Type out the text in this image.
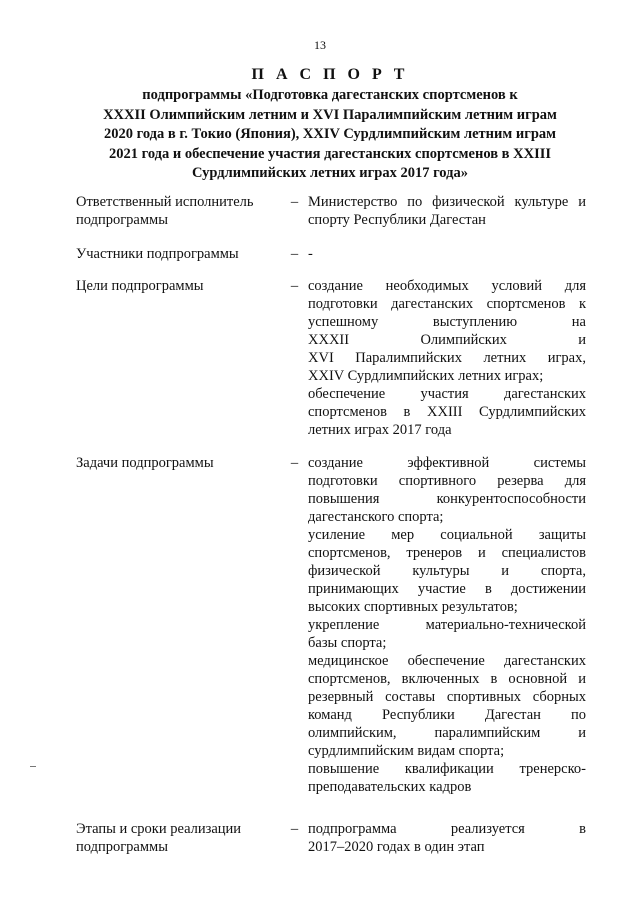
13
П А С П О Р Т
подпрограммы «Подготовка дагестанских спортсменов к
XXXII Олимпийским летним и XVI Паралимпийским летним играм
2020 года в г. Токио (Япония), XXIV Сурдлимпийским летним играм
2021 года и обеспечение участия дагестанских спортсменов в XXIII
Сурдлимпийских летних играх 2017 года»
Ответственный исполнитель
подпрограммы
– Министерство по физической культуре и
спорту Республики Дагестан
Участники подпрограммы	– -
Цели подпрограммы	– создание необходимых условий для
подготовки дагестанских спортсменов к
успешному выступлению на
XXXII Олимпийских и
XVI Паралимпийских летних играх,
XXIV Сурдлимпийских летних играх;
обеспечение участия дагестанских
спортсменов в XXIII Сурдлимпийских
летних играх 2017 года
Задачи подпрограммы	– создание эффективной системы
подготовки спортивного резерва для
повышения конкурентоспособности
дагестанского спорта;
усиление мер социальной защиты
спортсменов, тренеров и специалистов
физической культуры и спорта,
принимающих участие в достижении
высоких спортивных результатов;
укрепление материально-технической
базы спорта;
медицинское обеспечение дагестанских
спортсменов, включенных в основной и
резервный составы спортивных сборных
команд Республики Дагестан по
олимпийским, паралимпийским и
сурдлимпийским видам спорта;
повышение квалификации тренерско-
преподавательских кадров
Этапы и сроки реализации
подпрограммы
– подпрограмма реализуется в
2017–2020 годах в один этап
